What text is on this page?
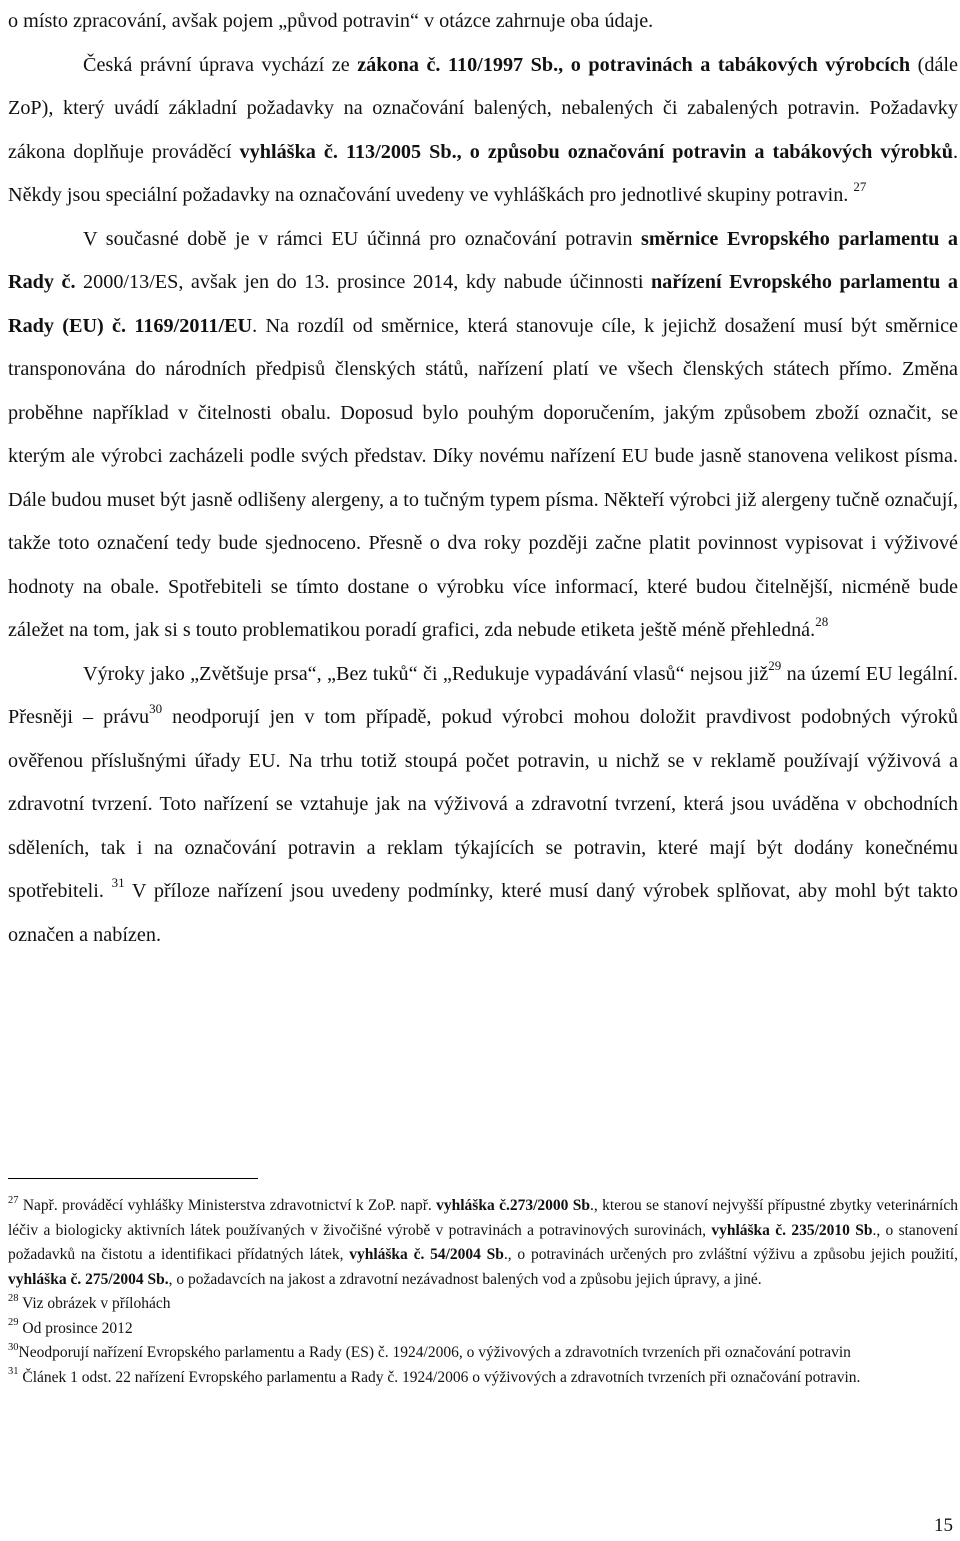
o místo zpracování, avšak pojem „původ potravin“ v otázce zahrnuje oba údaje.

Česká právní úprava vychází ze zákona č. 110/1997 Sb., o potravinách a tabákových výrobcích (dále ZoP), který uvádí základní požadavky na označování balených, nebalených či zabalených potravin. Požadavky zákona doplňuje prováděcí vyhláška č. 113/2005 Sb., o způsobu označování potravin a tabákových výrobků. Někdy jsou speciální požadavky na označování uvedeny ve vyhláškách pro jednotlivé skupiny potravin. $^{27}$

V současné době je v rámci EU účinná pro označování potravin směrnice Evropského parlamentu a Rady č. 2000/13/ES, avšak jen do 13. prosince 2014, kdy nabude účinnosti nařízení Evropského parlamentu a Rady (EU) č. 1169/2011/EU. Na rozdíl od směrnice, která stanovuje cíle, k jejichž dosažení musí být směrnice transponována do národních předpisů členských států, nařízení platí ve všech členských státech přímo. Změna proběhne například v čitelnosti obalu. Doposud bylo pouhým doporučením, jakým způsobem zboží označit, se kterým ale výrobci zacházeli podle svých představ. Díky novému nařízení EU bude jasně stanovena velikost písma. Dále budou muset být jasně odlišeny alergeny, a to tučným typem písma. Někteří výrobci již alergeny tučně označují, takže toto označení tedy bude sjednoceno. Přesně o dva roky později začne platit povinnost vypisovat i výživové hodnoty na obale. Spotřebiteli se tímto dostane o výrobku více informací, které budou čitelnější, nicméně bude záležet na tom, jak si s touto problematikou poradí grafici, zda nebude etiketa ještě méně přehledná.$^{28}$

Výroky jako „Zvětšuje prsa“, „Bez tuků“ či „Redukuje vypadávání vlasů“ nejsou již$^{29}$ na území EU legální. Přesněji – právu$^{30}$ neodporují jen v tom případě, pokud výrobci mohou doložit pravdivost podobných výroků ověřenou příslušnými úřady EU. Na trhu totiž stoupá počet potravin, u nichž se v reklamě používají výživová a zdravotní tvrzení. Toto nařízení se vztahuje jak na výživová a zdravotní tvrzení, která jsou uváděna v obchodních sděleních, tak i na označování potravin a reklam týkajících se potravin, které mají být dodány konečnému spotřebiteli. $^{31}$ V příloze nařízení jsou uvedeny podmínky, které musí daný výrobek splňovat, aby mohl být takto označen a nabízen.

$^{27}$ Např. prováděcí vyhlášky Ministerstva zdravotnictví k ZoP. např. vyhláška č.273/2000 Sb., kterou se stanoví nejvyšší přípustné zbytky veterinárních léčiv a biologicky aktivních látek používaných v živočišné výrobě v potravinách a potravinových surovinách, vyhláška č. 235/2010 Sb., o stanovení požadavků na čistotu a identifikaci přídatných látek, vyhláška č. 54/2004 Sb., o potravinách určených pro zvláštní výživu a způsobu jejich použití, vyhláška č. 275/2004 Sb., o požadavcích na jakost a zdravotní nezávadnost balených vod a způsobu jejich úpravy, a jiné.

$^{28}$ Viz obrázek v přílohách

$^{29}$ Od prosince 2012

$^{30}$Neodporují nařízení Evropského parlamentu a Rady (ES) č. 1924/2006, o výživových a zdravotních tvrzeních při označování potravin

$^{31}$ Článek 1 odst. 22 nařízení Evropského parlamentu a Rady č. 1924/2006 o výživových a zdravotních tvrzeních při označování potravin.

15
